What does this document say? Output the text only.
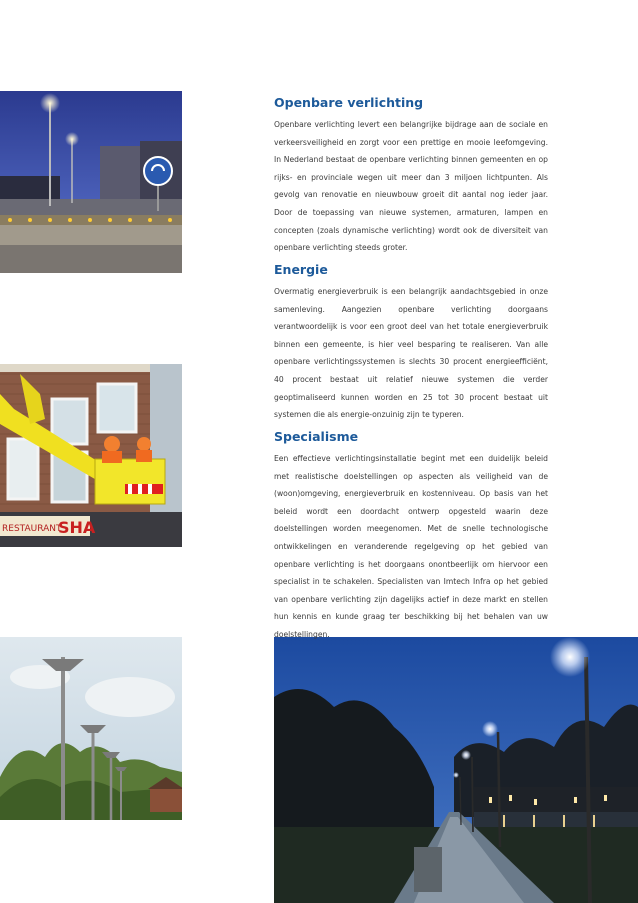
RESTAURANT
SHA
Openbare verlichting

Openbare verlichting levert een belangrijke bijdrage aan de sociale en verkeersveiligheid en zorgt voor een prettige en mooie leefomgeving. In Nederland bestaat de openbare verlichting binnen gemeenten en op rijks- en provinciale wegen uit meer dan 3 miljoen lichtpunten. Als gevolg van renovatie en nieuwbouw groeit dit aantal nog ieder jaar. Door de toepassing van nieuwe systemen, armaturen, lampen en concepten (zoals dynamische verlichting) wordt ook de diversiteit van openbare verlichting steeds groter.

Energie

Overmatig energieverbruik is een belangrijk aandachtsgebied in onze samenleving. Aangezien openbare verlichting doorgaans verantwoordelijk is voor een groot deel van het totale energieverbruik binnen een gemeente, is hier veel besparing te realiseren. Van alle openbare verlichtingssystemen is slechts 30 procent energieefficiënt, 40 procent bestaat uit relatief nieuwe systemen die verder geoptimaliseerd kunnen worden en 25 tot 30 procent bestaat uit systemen die als energie-onzuinig zijn te typeren.

Specialisme

Een effectieve verlichtingsinstallatie begint met een duidelijk beleid met realistische doelstellingen op aspecten als veiligheid van de (woon)omgeving, energieverbruik en kostenniveau. Op basis van het beleid wordt een doordacht ontwerp opgesteld waarin deze doelstellingen worden meegenomen. Met de snelle technologische ontwikkelingen en veranderende regelgeving op het gebied van openbare verlichting is het doorgaans onontbeerlijk om hiervoor een specialist in te schakelen. Specialisten van Imtech Infra op het gebied van openbare verlichting zijn dagelijks actief in deze markt en stellen hun kennis en kunde graag ter beschikking bij het behalen van uw doelstellingen.
